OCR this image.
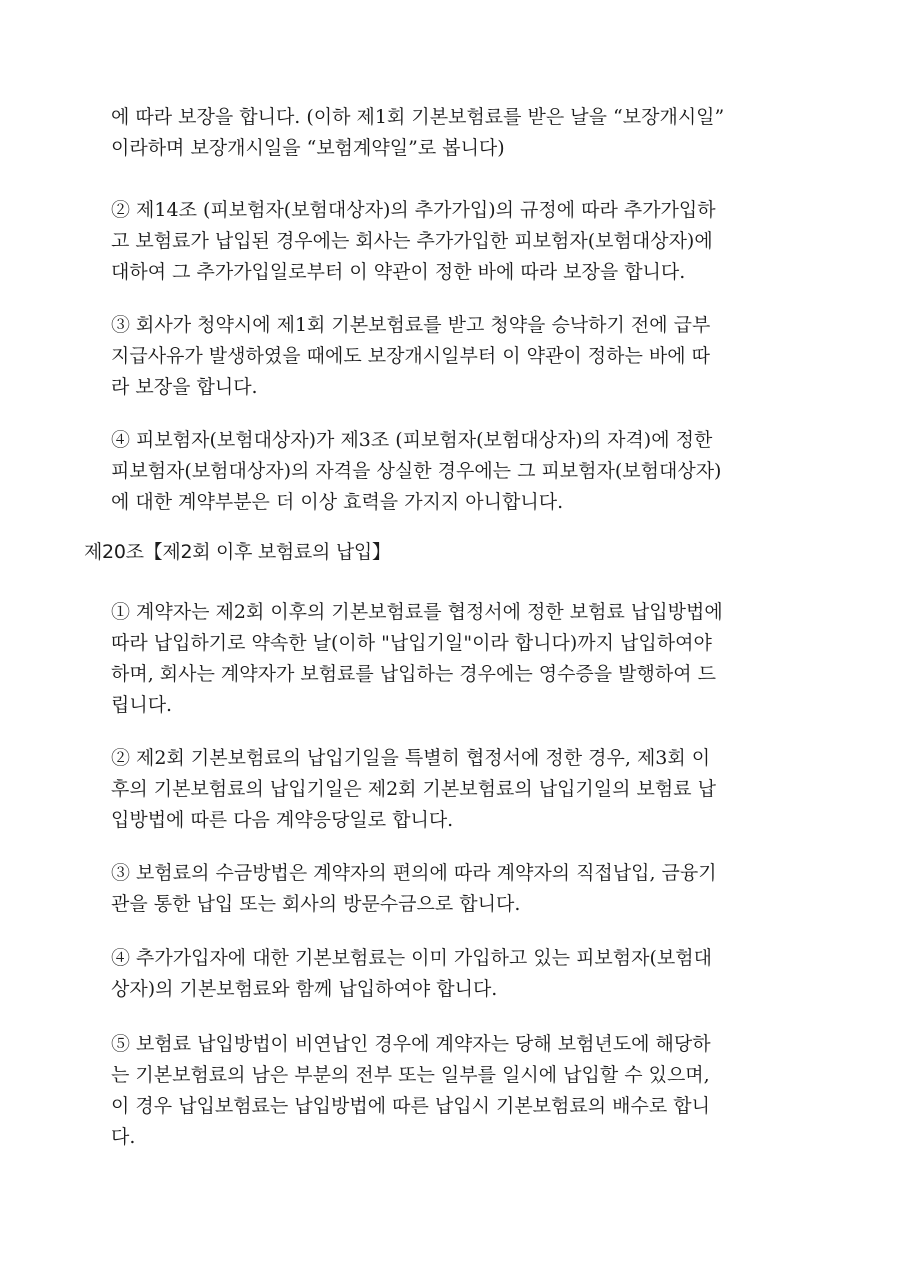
에 따라 보장을 합니다. (이하 제1회 기본보험료를 받은 날을 “보장개시일”
이라하며 보장개시일을 “보험계약일”로 봅니다)
② 제14조 (피보험자(보험대상자)의 추가가입)의 규정에 따라 추가가입하
고 보험료가 납입된 경우에는 회사는 추가가입한 피보험자(보험대상자)에
대하여 그 추가가입일로부터 이 약관이 정한 바에 따라 보장을 합니다.
③ 회사가 청약시에 제1회 기본보험료를 받고 청약을 승낙하기 전에 급부
지급사유가 발생하였을 때에도 보장개시일부터 이 약관이 정하는 바에 따
라 보장을 합니다.
④ 피보험자(보험대상자)가 제3조 (피보험자(보험대상자)의 자격)에 정한
피보험자(보험대상자)의 자격을 상실한 경우에는 그 피보험자(보험대상자)
에 대한 계약부분은 더 이상 효력을 가지지 아니합니다.
제20조【제2회 이후 보험료의 납입】
① 계약자는 제2회 이후의 기본보험료를 협정서에 정한 보험료 납입방법에
따라 납입하기로 약속한 날(이하 "납입기일"이라 합니다)까지 납입하여야
하며, 회사는 계약자가 보험료를 납입하는 경우에는 영수증을 발행하여 드
립니다.
② 제2회 기본보험료의 납입기일을 특별히 협정서에 정한 경우, 제3회 이
후의 기본보험료의 납입기일은 제2회 기본보험료의 납입기일의 보험료 납
입방법에 따른 다음 계약응당일로 합니다.
③ 보험료의 수금방법은 계약자의 편의에 따라 계약자의 직접납입, 금융기
관을 통한 납입 또는 회사의 방문수금으로 합니다.
④ 추가가입자에 대한 기본보험료는 이미 가입하고 있는 피보험자(보험대
상자)의 기본보험료와 함께 납입하여야 합니다.
⑤ 보험료 납입방법이 비연납인 경우에 계약자는 당해 보험년도에 해당하
는 기본보험료의 남은 부분의 전부 또는 일부를 일시에 납입할 수 있으며,
이 경우 납입보험료는 납입방법에 따른 납입시 기본보험료의 배수로 합니
다.
